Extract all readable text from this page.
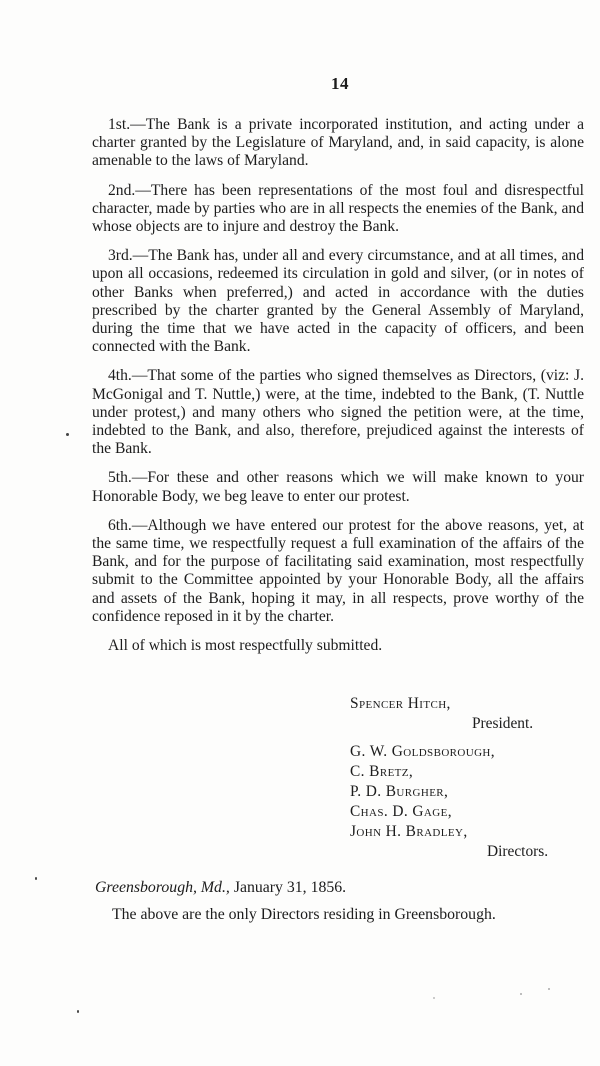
14

1st.—The Bank is a private incorporated institution, and acting under a charter granted by the Legislature of Maryland, and, in said capacity, is alone amenable to the laws of Maryland.

2nd.—There has been representations of the most foul and disrespectful character, made by parties who are in all respects the enemies of the Bank, and whose objects are to injure and destroy the Bank.

3rd.—The Bank has, under all and every circumstance, and at all times, and upon all occasions, redeemed its circulation in gold and silver, (or in notes of other Banks when preferred,) and acted in accordance with the duties prescribed by the charter granted by the General Assembly of Maryland, during the time that we have acted in the capacity of officers, and been connected with the Bank.

4th.—That some of the parties who signed themselves as Directors, (viz: J. McGonigal and T. Nuttle,) were, at the time, indebted to the Bank, (T. Nuttle under protest,) and many others who signed the petition were, at the time, indebted to the Bank, and also, therefore, prejudiced against the interests of the Bank.

5th.—For these and other reasons which we will make known to your Honorable Body, we beg leave to enter our protest.

6th.—Although we have entered our protest for the above reasons, yet, at the same time, we respectfully request a full examination of the affairs of the Bank, and for the purpose of facilitating said examination, most respectfully submit to the Committee appointed by your Honorable Body, all the affairs and assets of the Bank, hoping it may, in all respects, prove worthy of the confidence reposed in it by the charter.

All of which is most respectfully submitted.

Spencer Hitch,
President.
G. W. Goldsborough,
C. Bretz,
P. D. Burgher,
Chas. D. Gage,
John H. Bradley,
Directors.
Greensborough, Md., January 31, 1856.
The above are the only Directors residing in Greensborough.
